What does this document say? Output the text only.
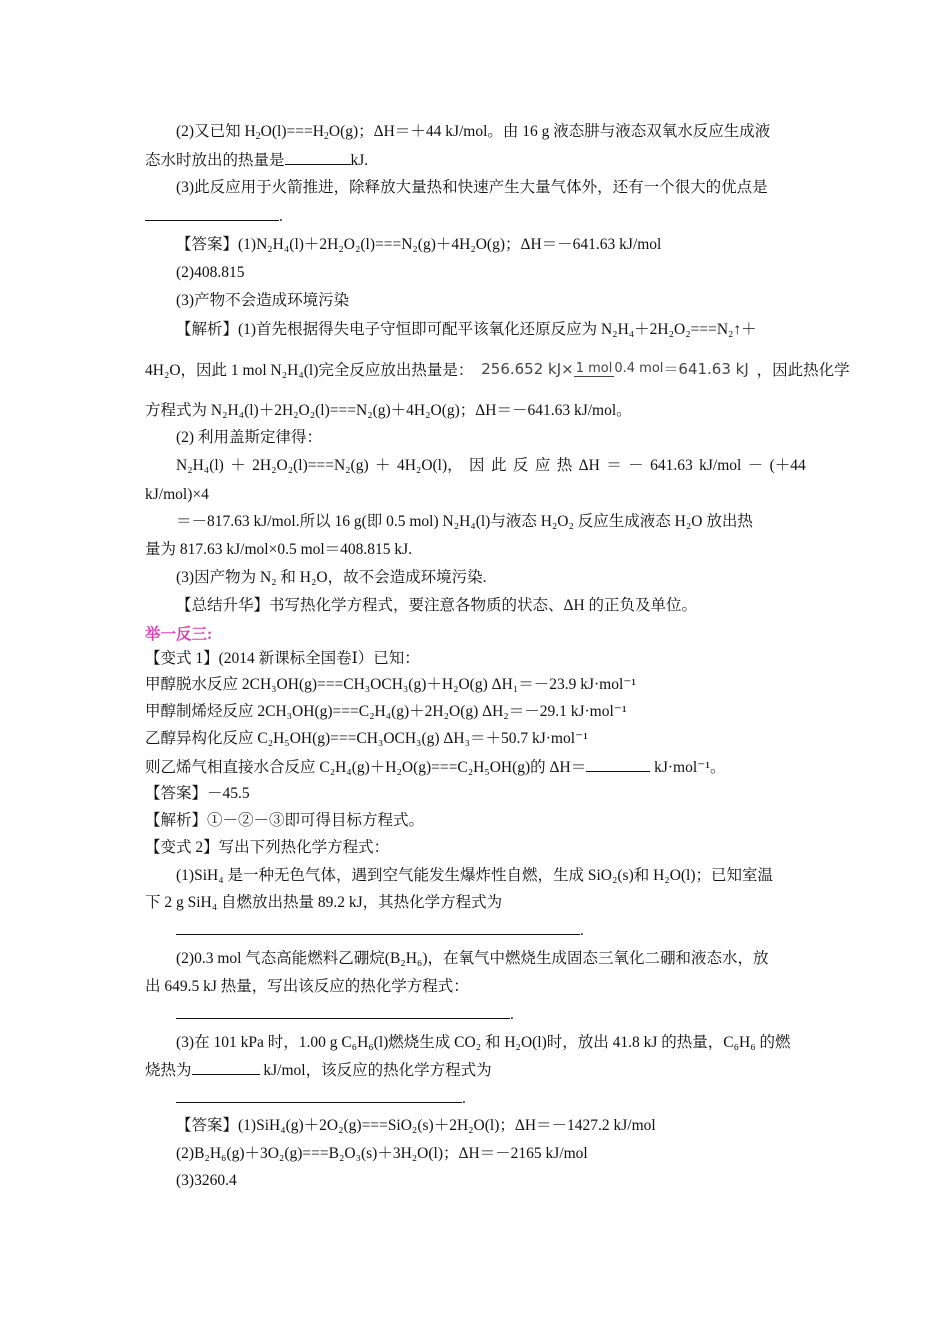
(2)又已知 $H_2O(l)===H_2O(g)$；ΔH＝＋44 kJ/mol。由 16 g 液态肼与液态双氧水反应生成液
态水时放出的热量是	kJ.
(3)此反应用于火箭推进，除释放大量热和快速产生大量气体外，还有一个很大的优点是
.
【答案】(1)N₂H₄(l)＋2H₂O₂(l)===N₂(g)＋4H₂O(g)；ΔH＝－641.63 kJ/mol
(2)408.815
(3)产物不会造成环境污染
【解析】(1)首先根据得失电子守恒即可配平该氧化还原反应为 N₂H₄＋2H₂O₂===N₂↑＋
4H₂O，因此 1 mol N₂H₄(l)完全反应放出热量是： 256.652 kJ× 1 mol 0.4 mol＝641.63 kJ ，因此热化学
方程式为 N₂H₄(l)＋2H₂O₂(l)===N₂(g)＋4H₂O(g)；ΔH＝－641.63 kJ/mol。
(2) 利用盖斯定律得：
N₂H₄(l) ＋ 2H₂O₂(l)===N₂(g) ＋ 4H₂O(l)， 因 此 反 应 热 ΔH ＝ － 641.63 kJ/mol － (＋44
kJ/mol)×4
＝－817.63 kJ/mol.所以 16 g(即 0.5 mol) N₂H₄(l)与液态 H₂O₂ 反应生成液态 H₂O 放出热
量为 817.63 kJ/mol×0.5 mol＝408.815 kJ.
(3)因产物为 N₂ 和 H₂O，故不会造成环境污染.
【总结升华】书写热化学方程式，要注意各物质的状态、ΔH 的正负及单位。
举一反三:
【变式 1】(2014 新课标全国卷Ⅰ）已知：
甲醇脱水反应 2CH₃OH(g)===CH₃OCH₃(g)＋H₂O(g) ΔH₁＝－23.9 kJ·mol⁻¹
甲醇制烯烃反应 2CH₃OH(g)===C₂H₄(g)＋2H₂O(g) ΔH₂＝－29.1 kJ·mol⁻¹
乙醇异构化反应 C₂H₅OH(g)===CH₃OCH₃(g) ΔH₃＝＋50.7 kJ·mol⁻¹
则乙烯气相直接水合反应 C₂H₄(g)＋H₂O(g)===C₂H₅OH(g)的 ΔH＝	kJ·mol⁻¹。
【答案】－45.5
【解析】①－②－③即可得目标方程式。
【变式 2】写出下列热化学方程式：
(1)SiH₄ 是一种无色气体，遇到空气能发生爆炸性自燃，生成 SiO₂(s)和 H₂O(l)；已知室温
下 2 g SiH₄ 自燃放出热量 89.2 kJ，其热化学方程式为
.
(2)0.3 mol 气态高能燃料乙硼烷(B₂H₆)，在氧气中燃烧生成固态三氧化二硼和液态水，放
出 649.5 kJ 热量，写出该反应的热化学方程式：
.
(3)在 101 kPa 时，1.00 g C₆H₆(l)燃烧生成 CO₂ 和 H₂O(l)时，放出 41.8 kJ 的热量，C₆H₆ 的燃
烧热为	kJ/mol，该反应的热化学方程式为
.
【答案】(1)SiH₄(g)＋2O₂(g)===SiO₂(s)＋2H₂O(l)；ΔH＝－1427.2 kJ/mol
(2)B₂H₆(g)＋3O₂(g)===B₂O₃(s)＋3H₂O(l)；ΔH＝－2165 kJ/mol
(3)3260.4
